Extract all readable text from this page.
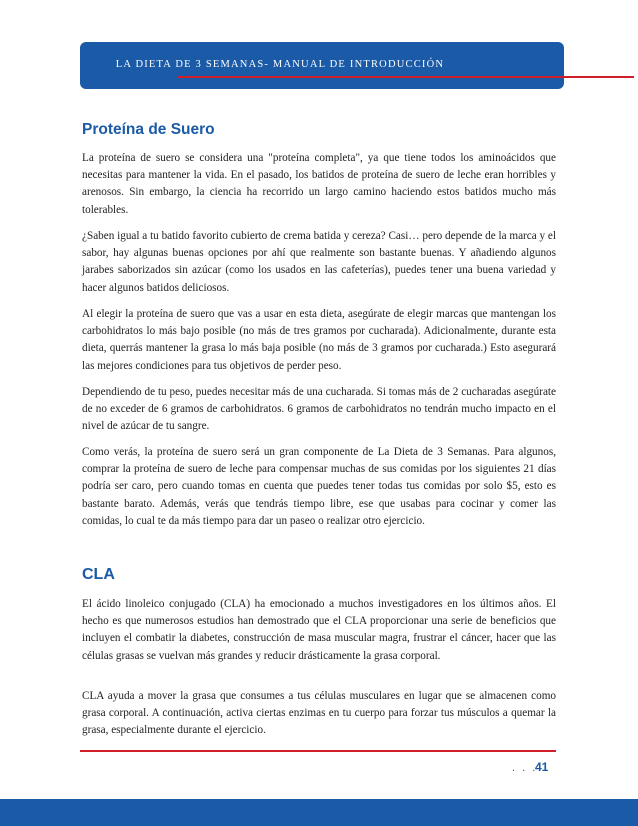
LA DIETA DE 3 SEMANAS- MANUAL DE INTRODUCCIÓN
Proteína de Suero

La proteína de suero se considera una "proteína completa", ya que tiene todos los aminoácidos que necesitas para mantener la vida. En el pasado, los batidos de proteína de suero de leche eran horribles y arenosos. Sin embargo, la ciencia ha recorrido un largo camino haciendo estos batidos mucho más tolerables.

¿Saben igual a tu batido favorito cubierto de crema batida y cereza? Casi… pero depende de la marca y el sabor, hay algunas buenas opciones por ahí que realmente son bastante buenas. Y añadiendo algunos jarabes saborizados sin azúcar (como los usados en las cafeterías), puedes tener una buena variedad y hacer algunos batidos deliciosos.

Al elegir la proteína de suero que vas a usar en esta dieta, asegúrate de elegir marcas que mantengan los carbohidratos lo más bajo posible (no más de tres gramos por cucharada). Adicionalmente, durante esta dieta, querrás mantener la grasa lo más baja posible (no más de 3 gramos por cucharada.) Esto asegurará las mejores condiciones para tus objetivos de perder peso.

Dependiendo de tu peso, puedes necesitar más de una cucharada. Si tomas más de 2 cucharadas asegúrate de no exceder de 6 gramos de carbohidratos. 6 gramos de carbohidratos no tendrán mucho impacto en el nivel de azúcar de tu sangre.

Como verás, la proteína de suero será un gran componente de La Dieta de 3 Semanas. Para algunos, comprar la proteína de suero de leche para compensar muchas de sus comidas por los siguientes 21 días podría ser caro, pero cuando tomas en cuenta que puedes tener todas tus comidas por solo $5, esto es bastante barato. Además, verás que tendrás tiempo libre, ese que usabas para cocinar y comer las comidas, lo cual te da más tiempo para dar un paseo o realizar otro ejercicio.

CLA

El ácido linoleico conjugado (CLA) ha emocionado a muchos investigadores en los últimos años. El hecho es que numerosos estudios han demostrado que el CLA proporcionar una serie de beneficios que incluyen el combatir la diabetes, construcción de masa muscular magra, frustrar el cáncer, hacer que las células grasas se vuelvan más grandes y reducir drásticamente la grasa corporal.

CLA ayuda a mover la grasa que consumes a tus células musculares en lugar que se almacenen como grasa corporal. A continuación, activa ciertas enzimas en tu cuerpo para forzar tus músculos a quemar la grasa, especialmente durante el ejercicio.

. . .
41
